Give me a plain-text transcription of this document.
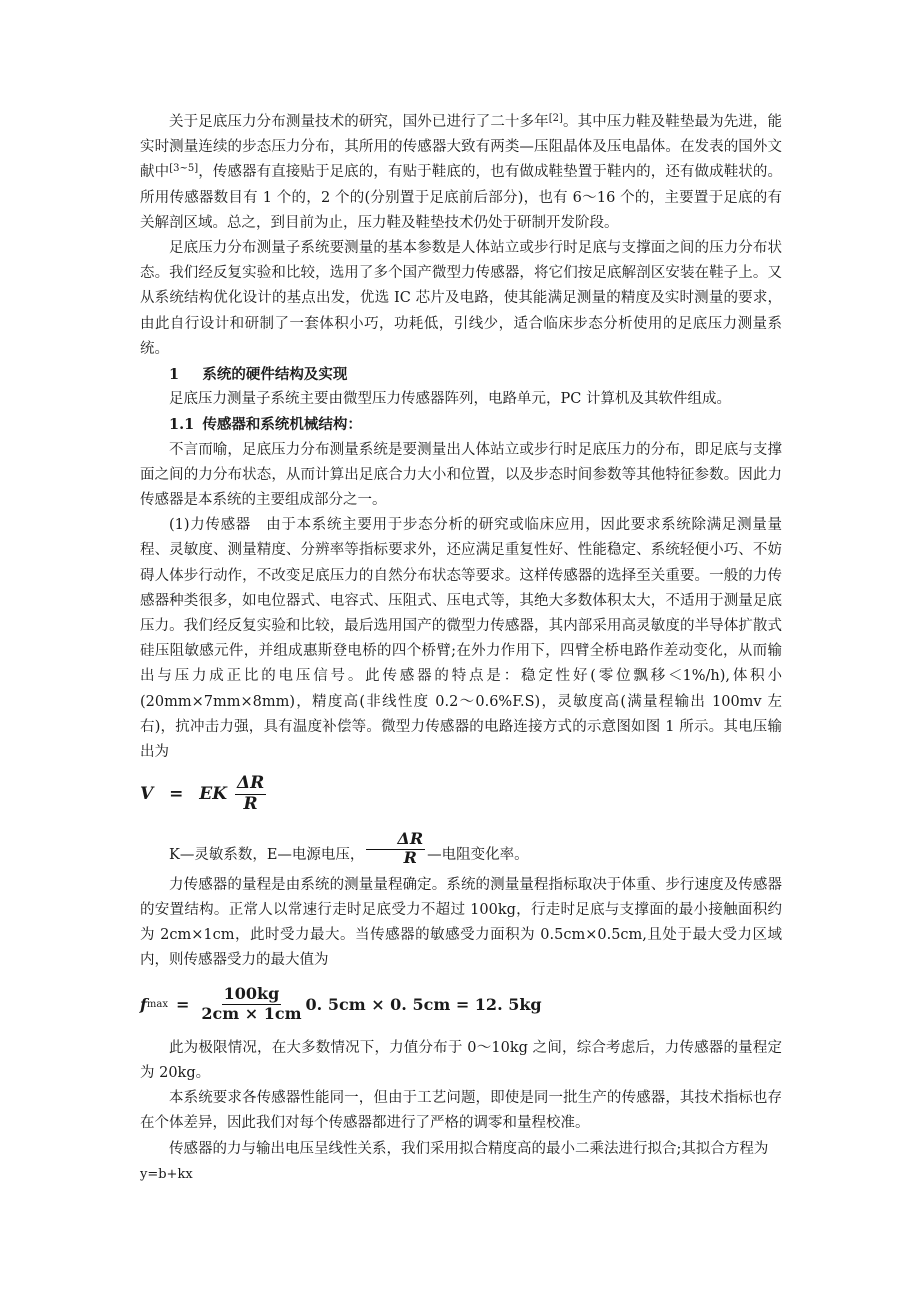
关于足底压力分布测量技术的研究，国外已进行了二十多年[2]。其中压力鞋及鞋垫最为先进，能实时测量连续的步态压力分布，其所用的传感器大致有两类—压阻晶体及压电晶体。在发表的国外文献中[3~5]，传感器有直接贴于足底的，有贴于鞋底的，也有做成鞋垫置于鞋内的，还有做成鞋状的。所用传感器数目有 1 个的，2 个的(分别置于足底前后部分)，也有 6～16 个的，主要置于足底的有关解剖区域。总之，到目前为止，压力鞋及鞋垫技术仍处于研制开发阶段。

足底压力分布测量子系统要测量的基本参数是人体站立或步行时足底与支撑面之间的压力分布状态。我们经反复实验和比较，选用了多个国产微型力传感器，将它们按足底解剖区安装在鞋子上。又从系统结构优化设计的基点出发，优选 IC 芯片及电路，使其能满足测量的精度及实时测量的要求，由此自行设计和研制了一套体积小巧，功耗低，引线少，适合临床步态分析使用的足底压力测量系统。

1 系统的硬件结构及实现

足底压力测量子系统主要由微型压力传感器阵列，电路单元，PC 计算机及其软件组成。

1.1 传感器和系统机械结构：

不言而喻，足底压力分布测量系统是要测量出人体站立或步行时足底压力的分布，即足底与支撑面之间的力分布状态，从而计算出足底合力大小和位置，以及步态时间参数等其他特征参数。因此力传感器是本系统的主要组成部分之一。

(1)力传感器　由于本系统主要用于步态分析的研究或临床应用，因此要求系统除满足测量量程、灵敏度、测量精度、分辨率等指标要求外，还应满足重复性好、性能稳定、系统轻便小巧、不妨碍人体步行动作，不改变足底压力的自然分布状态等要求。这样传感器的选择至关重要。一般的力传感器种类很多，如电位器式、电容式、压阻式、压电式等，其绝大多数体积太大，不适用于测量足底压力。我们经反复实验和比较，最后选用国产的微型力传感器，其内部采用高灵敏度的半导体扩散式硅压阻敏感元件，并组成惠斯登电桥的四个桥臂;在外力作用下，四臂全桥电路作差动变化，从而输出与压力成正比的电压信号。此传感器的特点是：稳定性好(零位飘移＜1%/h),体积小(20mm×7mm×8mm)，精度高(非线性度 0.2～0.6%F.S)，灵敏度高(满量程输出 100mv 左右)，抗冲击力强，具有温度补偿等。微型力传感器的电路连接方式的示意图如图 1 所示。其电压输出为

V = EK $\frac{\Delta R}{R}$

K—灵敏系数，E—电源电压， $\frac{\Delta R}{R}$ —电阻变化率。

力传感器的量程是由系统的测量量程确定。系统的测量量程指标取决于体重、步行速度及传感器的安置结构。正常人以常速行走时足底受力不超过 100kg，行走时足底与支撑面的最小接触面积约为 2cm×1cm，此时受力最大。当传感器的敏感受力面积为 0.5cm×0.5cm,且处于最大受力区域内，则传感器受力的最大值为

f $\max = \frac{100kg}{2cm \times 1cm} 0$. 5cm × 0. 5cm = 12. 5kg

此为极限情况，在大多数情况下，力值分布于 0～10kg 之间，综合考虑后，力传感器的量程定为 20kg。

本系统要求各传感器性能同一，但由于工艺问题，即使是同一批生产的传感器，其技术指标也存在个体差异，因此我们对每个传感器都进行了严格的调零和量程校准。

传感器的力与输出电压呈线性关系，我们采用拟合精度高的最小二乘法进行拟合;其拟合方程为

y=b+kx
